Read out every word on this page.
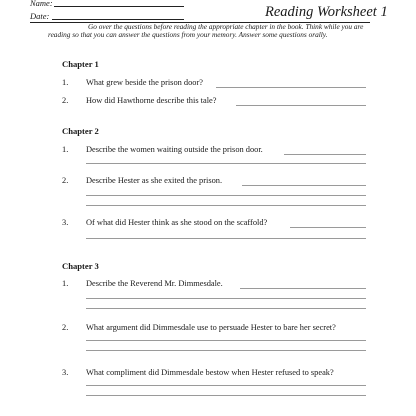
Name:
Date:	Reading Worksheet 1
Go over the questions before reading the appropriate chapter in the book. Think while you are reading so that you can answer the questions from your memory. Answer some questions orally.
Chapter 1
1. What grew beside the prison door?
2. How did Hawthorne describe this tale?
Chapter 2
1. Describe the women waiting outside the prison door.
2. Describe Hester as she exited the prison.
3. Of what did Hester think as she stood on the scaffold?
Chapter 3
1. Describe the Reverend Mr. Dimmesdale.
2. What argument did Dimmesdale use to persuade Hester to bare her secret?
3. What compliment did Dimmesdale bestow when Hester refused to speak?
